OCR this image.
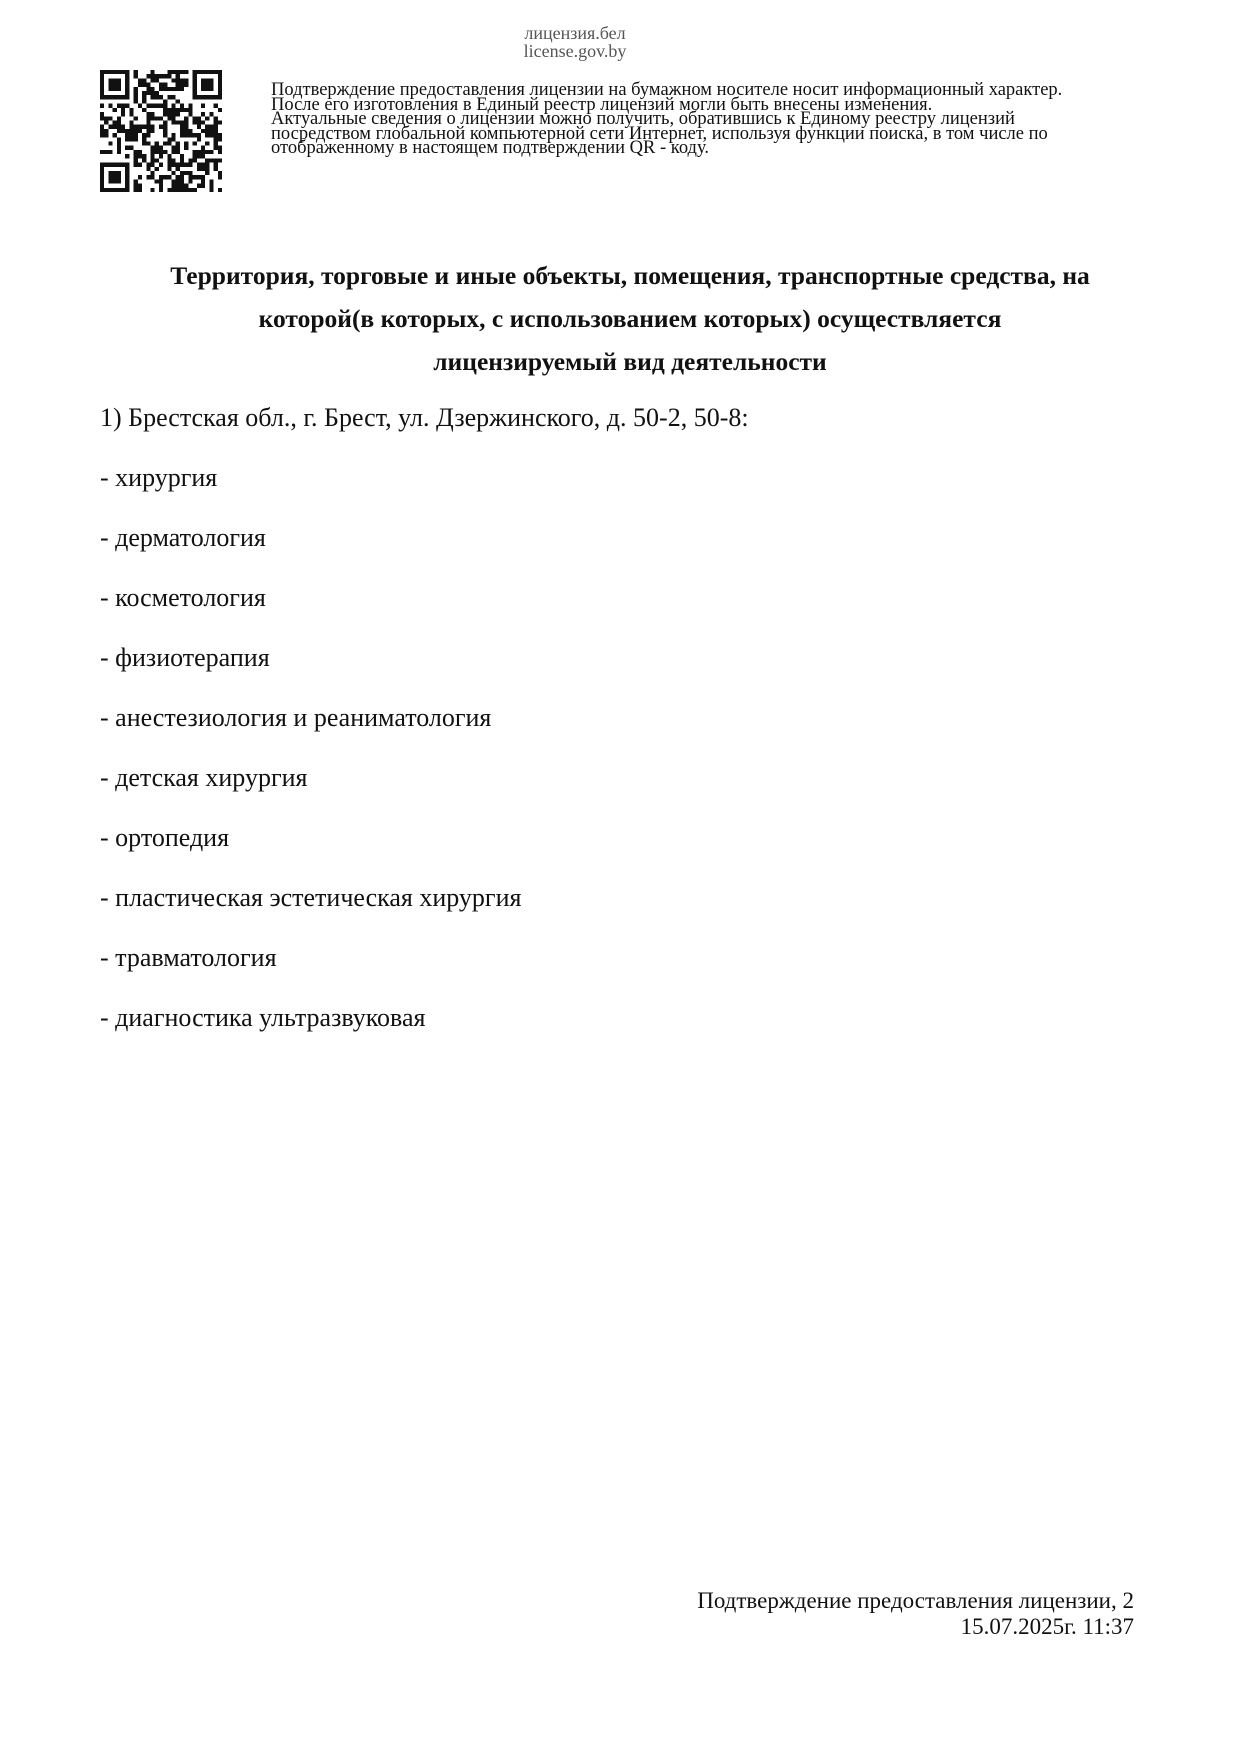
лицензия.бел
license.gov.by
Подтверждение предоставления лицензии на бумажном носителе носит информационный характер.
После его изготовления в Единый реестр лицензий могли быть внесены изменения.
Актуальные сведения о лицензии можно получить, обратившись к Единому реестру лицензий
посредством глобальной компьютерной сети Интернет, используя функции поиска, в том числе по
отображенному в настоящем подтверждении QR - коду.
Территория, торговые и иные объекты, помещения, транспортные средства, на
которой(в которых, с использованием которых) осуществляется
лицензируемый вид деятельности
1) Брестская обл., г. Брест, ул. Дзержинского, д. 50-2, 50-8:
- хирургия
- дерматология
- косметология
- физиотерапия
- анестезиология и реаниматология
- детская хирургия
- ортопедия
- пластическая эстетическая хирургия
- травматология
- диагностика ультразвуковая
Подтверждение предоставления лицензии, 2
15.07.2025г. 11:37
